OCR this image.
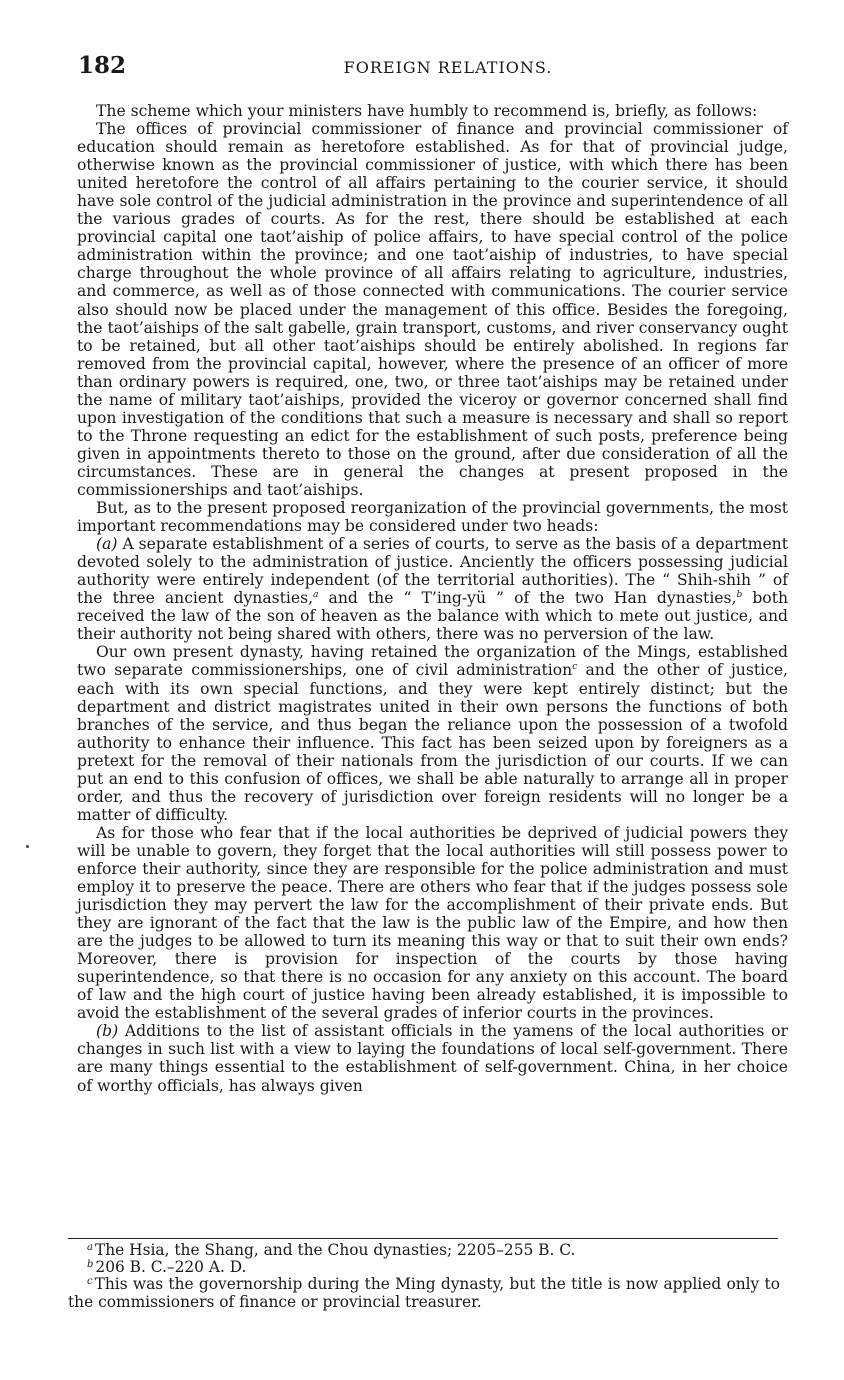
182	FOREIGN RELATIONS.

The scheme which your ministers have humbly to recommend is, briefly, as follows:

The offices of provincial commissioner of finance and provincial commissioner of education should remain as heretofore established. As for that of provincial judge, otherwise known as the provincial commissioner of justice, with which there has been united heretofore the control of all affairs pertaining to the courier service, it should have sole control of the judicial administration in the province and superintendence of all the various grades of courts. As for the rest, there should be established at each provincial capital one taot’aiship of police affairs, to have special control of the police administration within the province; and one taot’aiship of industries, to have special charge throughout the whole province of all affairs relating to agriculture, industries, and commerce, as well as of those connected with communications. The courier service also should now be placed under the management of this office. Besides the foregoing, the taot’aiships of the salt gabelle, grain transport, customs, and river conservancy ought to be retained, but all other taot’aiships should be entirely abolished. In regions far removed from the provincial capital, however, where the presence of an officer of more than ordinary powers is required, one, two, or three taot’aiships may be retained under the name of military taot’aiships, provided the viceroy or governor concerned shall find upon investigation of the conditions that such a measure is necessary and shall so report to the Throne requesting an edict for the establishment of such posts, preference being given in appointments thereto to those on the ground, after due consideration of all the circumstances. These are in general the changes at present proposed in the commissionerships and taot’aiships.

But, as to the present proposed reorganization of the provincial governments, the most important recommendations may be considered under two heads:

(a) A separate establishment of a series of courts, to serve as the basis of a department devoted solely to the administration of justice. Anciently the officers possessing judicial authority were entirely independent (of the territorial authorities). The “ Shih-shih ” of the three ancient dynasties,$^a$ and the “ T’ing-yü ” of the two Han dynasties,$^b$ both received the law of the son of heaven as the balance with which to mete out justice, and their authority not being shared with others, there was no perversion of the law.

Our own present dynasty, having retained the organization of the Mings, established two separate commissionerships, one of civil administration$^c$ and the other of justice, each with its own special functions, and they were kept entirely distinct; but the department and district magistrates united in their own persons the functions of both branches of the service, and thus began the reliance upon the possession of a twofold authority to enhance their influence. This fact has been seized upon by foreigners as a pretext for the removal of their nationals from the jurisdiction of our courts. If we can put an end to this confusion of offices, we shall be able naturally to arrange all in proper order, and thus the recovery of jurisdiction over foreign residents will no longer be a matter of difficulty.

As for those who fear that if the local authorities be deprived of judicial powers they will be unable to govern, they forget that the local authorities will still possess power to enforce their authority, since they are responsible for the police administration and must employ it to preserve the peace. There are others who fear that if the judges possess sole jurisdiction they may pervert the law for the accomplishment of their private ends. But they are ignorant of the fact that the law is the public law of the Empire, and how then are the judges to be allowed to turn its meaning this way or that to suit their own ends? Moreover, there is provision for inspection of the courts by those having superintendence, so that there is no occasion for any anxiety on this account. The board of law and the high court of justice having been already established, it is impossible to avoid the establishment of the several grades of inferior courts in the provinces.

(b) Additions to the list of assistant officials in the yamens of the local authorities or changes in such list with a view to laying the foundations of local self-government. There are many things essential to the establishment of self-government. China, in her choice of worthy officials, has always given

$^a$ The Hsia, the Shang, and the Chou dynasties; 2205–255 B. C.

$^b$ 206 B. C.–220 A. D.

$^c$ This was the governorship during the Ming dynasty, but the title is now applied only to the commissioners of finance or provincial treasurer.
